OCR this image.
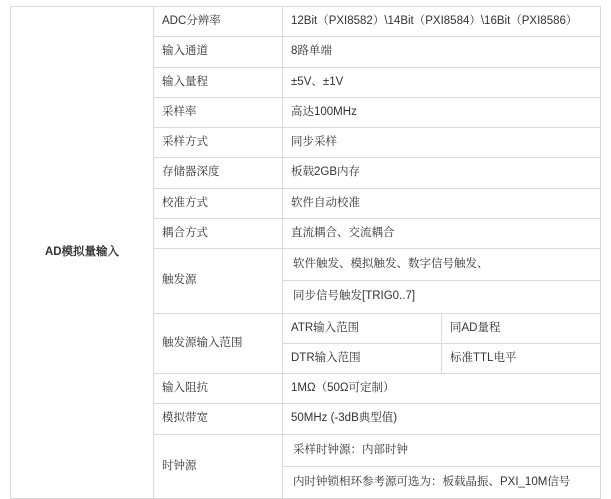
AD模拟量输入	ADC分辨率	12Bit（PXI8582）\14Bit（PXI8584）\16Bit（PXI8586）	
	输入通道	8路单端	
	输入量程	±5V、±1V	
	采样率	高达100MHz	
	采样方式	同步采样	
	存储器深度	板载2GB内存	
	校准方式	软件自动校准	
	耦合方式	直流耦合、交流耦合	
	触发源	软件触发、模拟触发、数字信号触发、
同步信号触发[TRIG0..7]	

	触发源输入范围	ATR输入范围	同AD量程
		DTR输入范围	标准TTL电平
	输入阻抗	1MΩ（50Ω可定制）	
	模拟带宽	50MHz (-3dB典型值)	
	时钟源	采样时钟源：内部时钟
内时钟锁相环参考源可选为：板载晶振、PXI_10M信号	
